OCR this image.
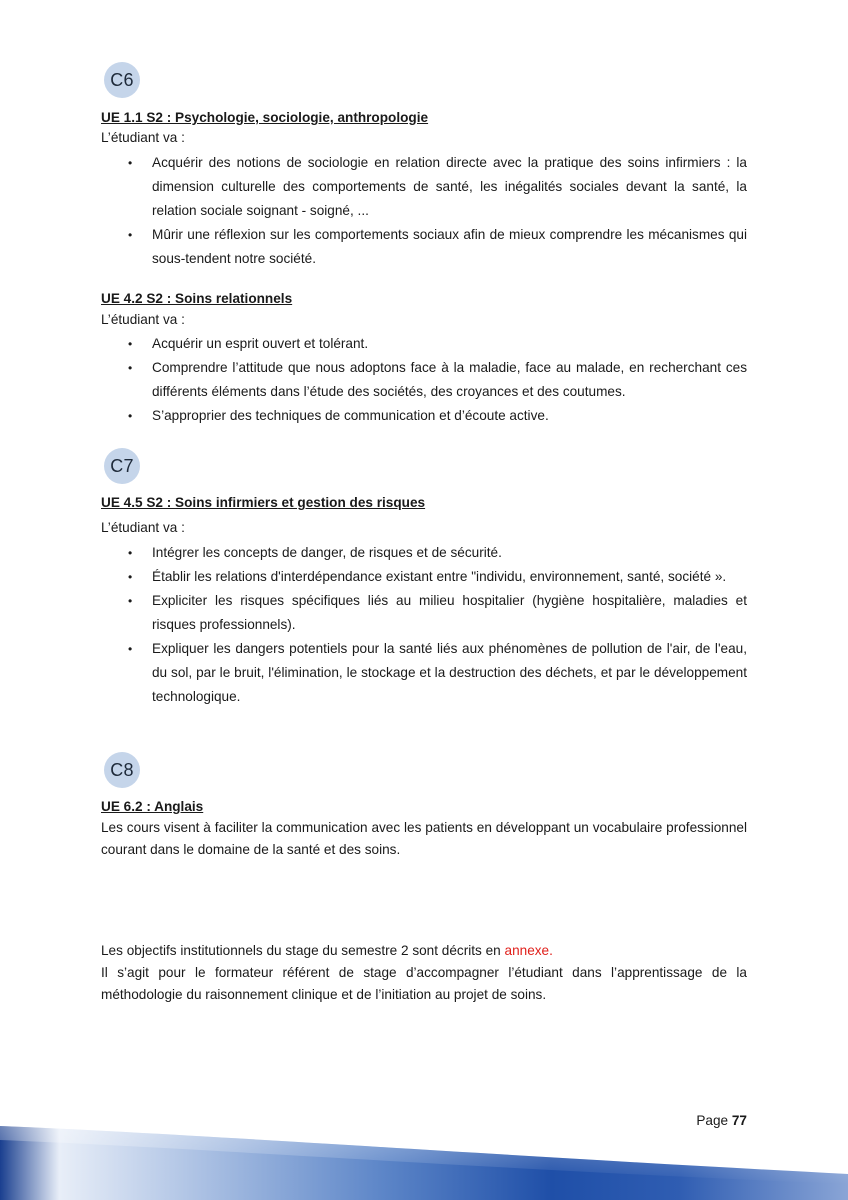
C6
UE 1.1 S2 : Psychologie, sociologie, anthropologie
L’étudiant va :
• Acquérir des notions de sociologie en relation directe avec la pratique des soins infirmiers : la dimension culturelle des comportements de santé, les inégalités sociales devant la santé, la relation sociale soignant - soigné, ...
• Mûrir une réflexion sur les comportements sociaux afin de mieux comprendre les mécanismes qui sous-tendent notre société.
UE 4.2 S2 : Soins relationnels
L’étudiant va :
• Acquérir un esprit ouvert et tolérant.
• Comprendre l’attitude que nous adoptons face à la maladie, face au malade, en recherchant ces différents éléments dans l’étude des sociétés, des croyances et des coutumes.
• S’approprier des techniques de communication et d’écoute active.
C7
UE 4.5 S2 : Soins infirmiers et gestion des risques
L’étudiant va :
• Intégrer les concepts de danger, de risques et de sécurité.
• Établir les relations d'interdépendance existant entre "individu, environnement, santé, société ».
• Expliciter les risques spécifiques liés au milieu hospitalier (hygiène hospitalière, maladies et risques professionnels).
• Expliquer les dangers potentiels pour la santé liés aux phénomènes de pollution de l'air, de l'eau, du sol, par le bruit, l'élimination, le stockage et la destruction des déchets, et par le développement technologique.
C8
UE 6.2 : Anglais

Les cours visent à faciliter la communication avec les patients en développant un vocabulaire professionnel courant dans le domaine de la santé et des soins.

Les objectifs institutionnels du stage du semestre 2 sont décrits en annexe.

Il s’agit pour le formateur référent de stage d’accompagner l’étudiant dans l’apprentissage de la méthodologie du raisonnement clinique et de l’initiation au projet de soins.

Page 77
